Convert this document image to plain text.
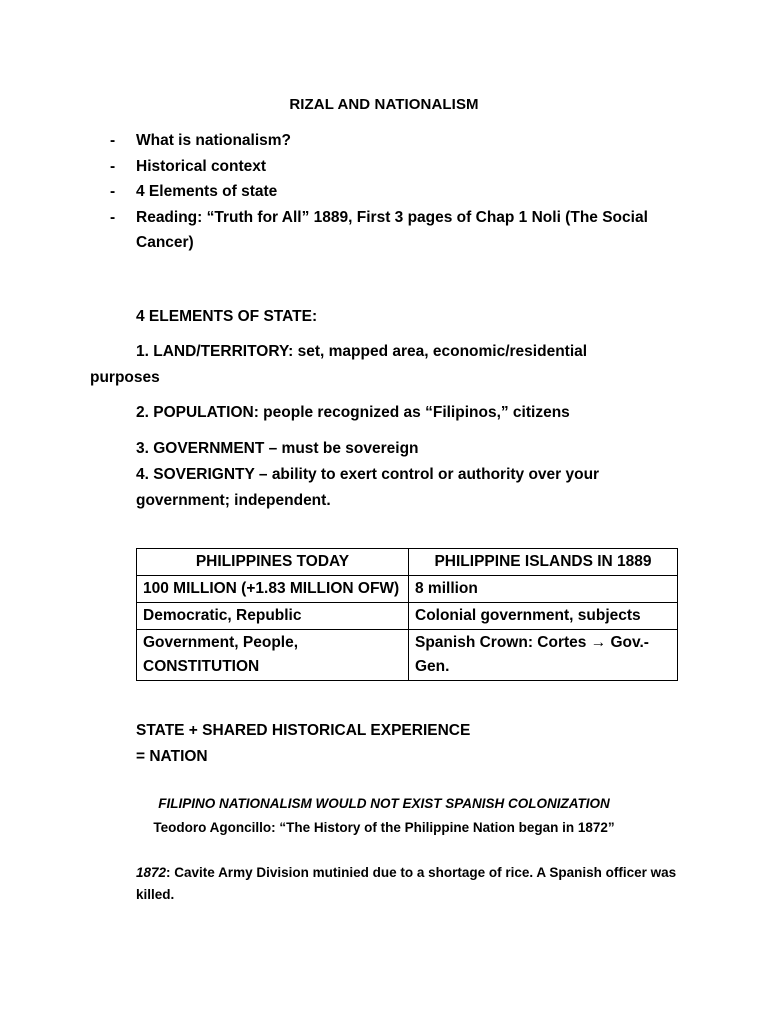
RIZAL AND NATIONALISM
- What is nationalism?
- Historical context
- 4 Elements of state
- Reading: “Truth for All” 1889, First 3 pages of Chap 1 Noli (The Social Cancer)
4 ELEMENTS OF STATE:
1. LAND/TERRITORY: set, mapped area, economic/residential
purposes
2. POPULATION: people recognized as “Filipinos,” citizens
3. GOVERNMENT – must be sovereign
4. SOVERIGNTY – ability to exert control or authority over your government; independent.
PHILIPPINES TODAY	PHILIPPINE ISLANDS IN 1889
100 MILLION (+1.83 MILLION OFW)	8 million
Democratic, Republic	Colonial government, subjects
Government, People, CONSTITUTION	Spanish Crown: Cortes → Gov.-Gen.
STATE + SHARED HISTORICAL EXPERIENCE
= NATION
FILIPINO NATIONALISM WOULD NOT EXIST SPANISH COLONIZATION
Teodoro Agoncillo: “The History of the Philippine Nation began in 1872”
1872: Cavite Army Division mutinied due to a shortage of rice. A Spanish officer was killed.
